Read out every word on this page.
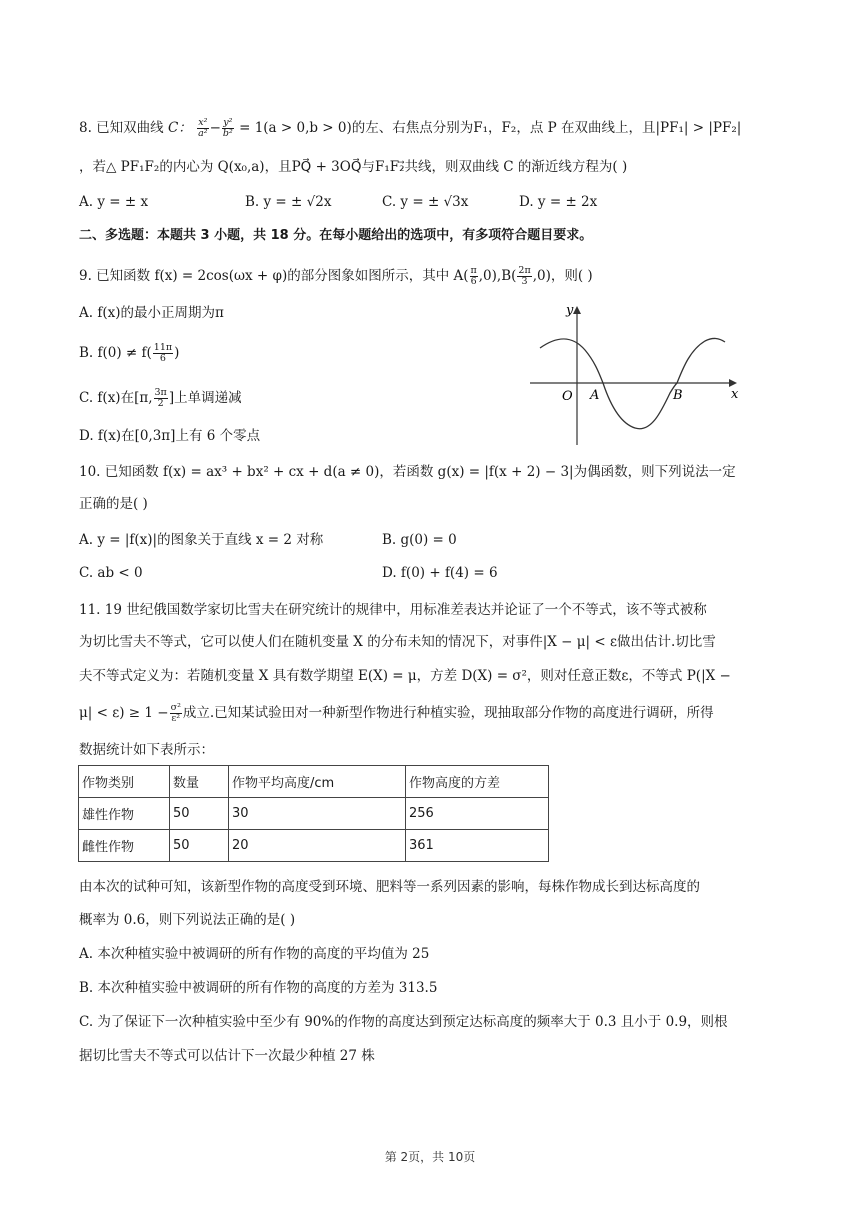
8. 已知双曲线 C： $\frac{\text{x²}}{\text{a²}} - \frac{\text{y²}}{\text{b²}} = 1(a > 0,b > 0)$的左、右焦点分别为F₁，F₂，点 P 在双曲线上，且|PF₁| > |PF₂|
，若△ PF₁F₂的内心为 Q(x₀,a)，且PQ⃗ + 3OQ⃗与F₁F₂⃗共线，则双曲线 C 的渐近线方程为( )
A. y = ± x	B. y = ± √2x	C. y = ± √3x	D. y = ± 2x
二、多选题：本题共 3 小题，共 18 分。在每小题给出的选项中，有多项符合题目要求。
9. 已知函数 f(x) = 2cos(ωx + φ)的部分图象如图所示，其中 $A( \frac{\pi}{6} ,0),B( \frac{2\pi}{3} ,0)$，则( )
A. f(x)的最小正周期为π
B. $f(0) \ne f( \frac{11\pi}{6}$ )
C. f(x)在[π, $\frac{3\pi}{2}$ ]上单调递减
D. f(x)在[0,3π]上有 6 个零点
y
x
O A	B
10. 已知函数 f(x) = ax³ + bx² + cx + d(a ≠ 0)，若函数 g(x) = |f(x + 2) − 3|为偶函数，则下列说法一定
正确的是( )
A. y = |f(x)|的图象关于直线 x = 2 对称	B. g(0) = 0
C. ab < 0	D. f(0) + f(4) = 6
11. 19 世纪俄国数学家切比雪夫在研究统计的规律中，用标准差表达并论证了一个不等式，该不等式被称
为切比雪夫不等式，它可以使人们在随机变量 X 的分布未知的情况下，对事件|X − μ| < ε做出估计.切比雪
夫不等式定义为：若随机变量 X 具有数学期望 E(X) = μ，方差 D(X) = σ²，则对任意正数ε，不等式 P(|X −
$\mu| < \varepsilon) \ge 1 - \frac{\text{σ²}}{\text{ε²}}$ 成立.已知某试验田对一种新型作物进行种植实验，现抽取部分作物的高度进行调研，所得
数据统计如下表所示：
作物类别	数量	作物平均高度/cm	作物高度的方差
雄性作物	50	30	256
雌性作物	50	20	361
由本次的试种可知，该新型作物的高度受到环境、肥料等一系列因素的影响，每株作物成长到达标高度的
概率为 0.6，则下列说法正确的是( )
A. 本次种植实验中被调研的所有作物的高度的平均值为 25
B. 本次种植实验中被调研的所有作物的高度的方差为 313.5
C. 为了保证下一次种植实验中至少有 90%的作物的高度达到预定达标高度的频率大于 0.3 且小于 0.9，则根
据切比雪夫不等式可以估计下一次最少种植 27 株
第 2页，共 10页
